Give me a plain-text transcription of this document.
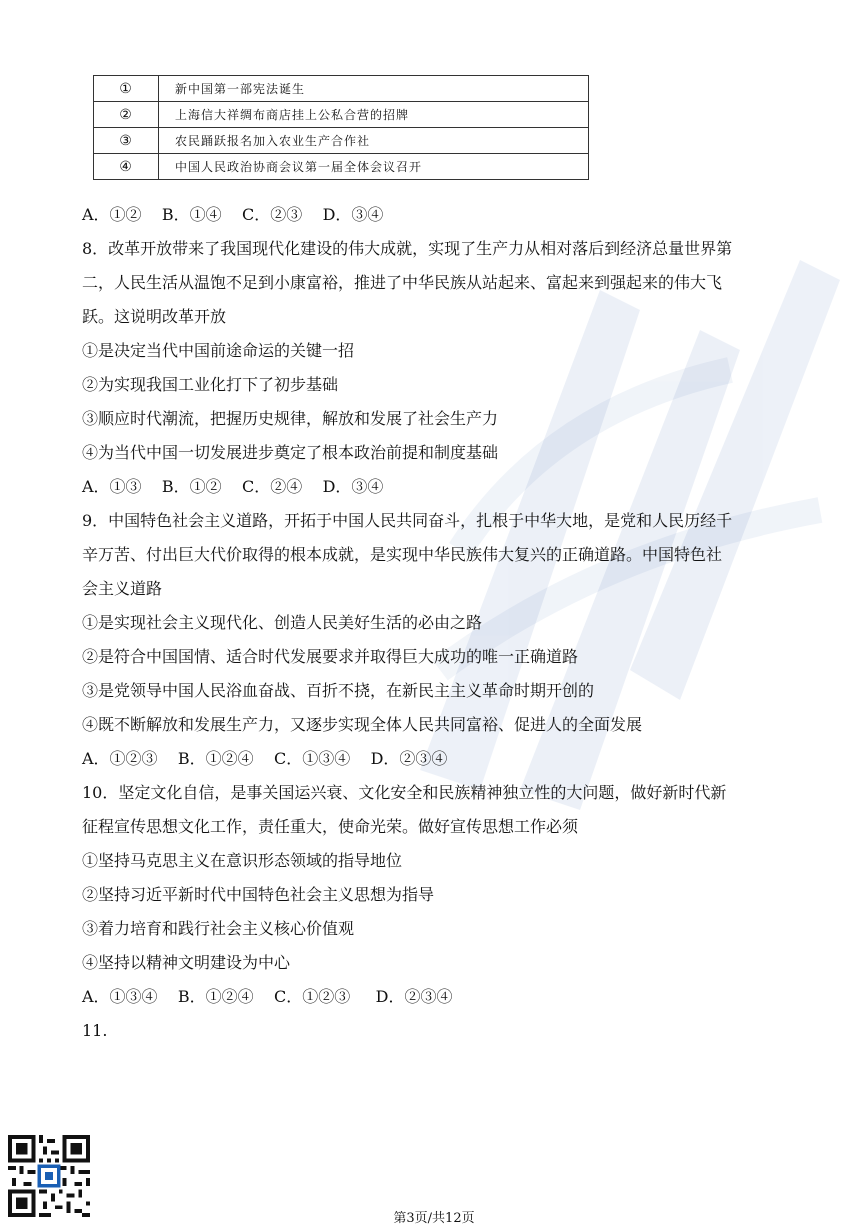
①	新中国第一部宪法诞生
②	上海信大祥绸布商店挂上公私合营的招牌
③	农民踊跃报名加入农业生产合作社
④	中国人民政治协商会议第一届全体会议召开
A．①②    B．①④    C．②③    D．③④
8．改革开放带来了我国现代化建设的伟大成就，实现了生产力从相对落后到经济总量世界第
二，人民生活从温饱不足到小康富裕，推进了中华民族从站起来、富起来到强起来的伟大飞
跃。这说明改革开放
①是决定当代中国前途命运的关键一招
②为实现我国工业化打下了初步基础
③顺应时代潮流，把握历史规律，解放和发展了社会生产力
④为当代中国一切发展进步奠定了根本政治前提和制度基础
A．①③    B．①②    C．②④    D．③④
9．中国特色社会主义道路，开拓于中国人民共同奋斗，扎根于中华大地，是党和人民历经千
辛万苦、付出巨大代价取得的根本成就，是实现中华民族伟大复兴的正确道路。中国特色社
会主义道路
①是实现社会主义现代化、创造人民美好生活的必由之路
②是符合中国国情、适合时代发展要求并取得巨大成功的唯一正确道路
③是党领导中国人民浴血奋战、百折不挠，在新民主主义革命时期开创的
④既不断解放和发展生产力，又逐步实现全体人民共同富裕、促进人的全面发展
A．①②③    B．①②④    C．①③④    D．②③④
10．坚定文化自信，是事关国运兴衰、文化安全和民族精神独立性的大问题，做好新时代新
征程宣传思想文化工作，责任重大，使命光荣。做好宣传思想工作必须
①坚持马克思主义在意识形态领域的指导地位
②坚持习近平新时代中国特色社会主义思想为指导
③着力培育和践行社会主义核心价值观
④坚持以精神文明建设为中心
A．①③④    B．①②④    C．①②③     D．②③④
11.
第3页/共12页
